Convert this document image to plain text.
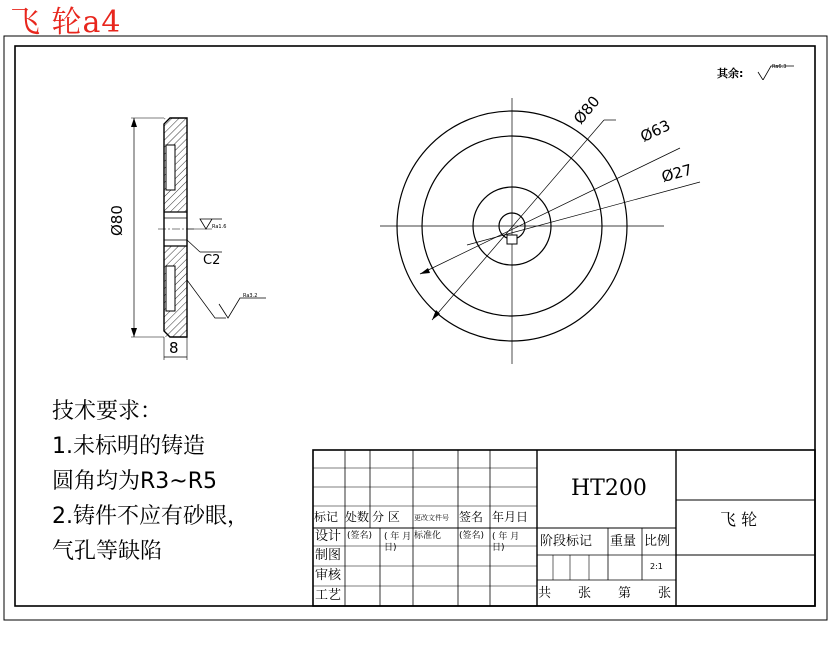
飞 轮a4
其余:	Ra6.3
Ø80
8
C2
Ra1.6
Ra3.2
Ø80
Ø63
Ø27
技术要求：
1.未标明的铸造
圆角均为R3~R5
2.铸件不应有砂眼，
气孔等缺陷
HT200
飞 轮
标记 处数 分 区 更改文件号 签名 年月日
设计 (签名) ( 年 月 日)
标准化 (签名) ( 年 月 日)
制图
审核
工艺
阶段标记 重量 比例
2:1
共 张 第 张
